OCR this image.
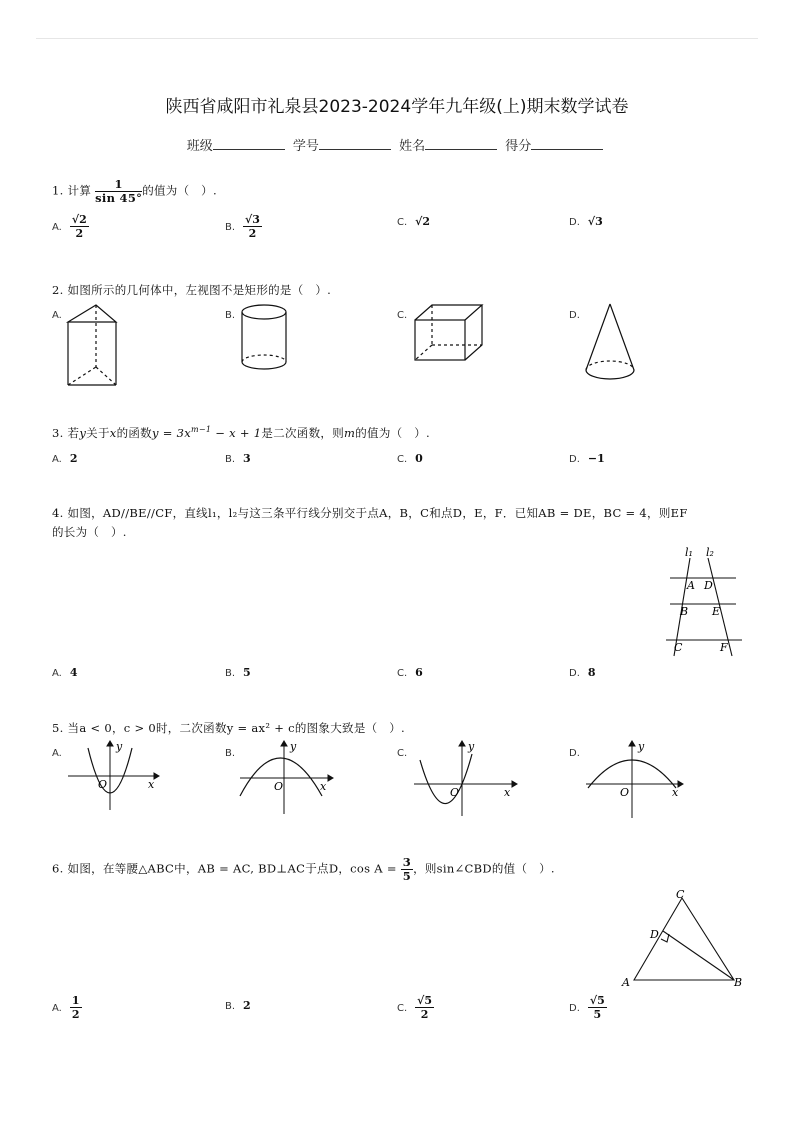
陕西省咸阳市礼泉县2023-2024学年九年级(上)期末数学试卷
班级	学号	姓名	得分
1. 计算 $\frac{1}{\sin 45^\circ}$ 的值为（　）.
A. $\frac{√2}{2}$	B. $\frac{√3}{2}$	C. √2	D. √3
2. 如图所示的几何体中，左视图不是矩形的是（　）.
A.	B.	C.	D.
3. 若y关于x的函数$y = 3x^{m-1} - x + 1$是二次函数，则m的值为（　）.
A. 2	B. 3	C. 0	D. −1
4. 如图，AD//BE//CF，直线l₁，l₂与这三条平行线分别交于点A，B，C和点D，E，F．已知AB = DE，BC = 4，则EF
的长为（　）.
l₁ l₂
A D
B E
C	F
A. 4	B. 5	C. 6	D. 8
5. 当a < 0，c > 0时，二次函数y = ax² + c的图象大致是（　）.
A.	B.	C.	D.
y
x
O
y
x
O
y
x
O
y
x
O
6. 如图，在等腰△ABC中，AB = AC, BD⊥AC于点D，$\cos A = \frac{3}{5}$ ，则sin∠CBD的值（　）.
C
D
A	B
A. $\frac{1}{2}$	B. 2	C. $\frac{√5}{2}$	D. $\frac{√5}{5}$
